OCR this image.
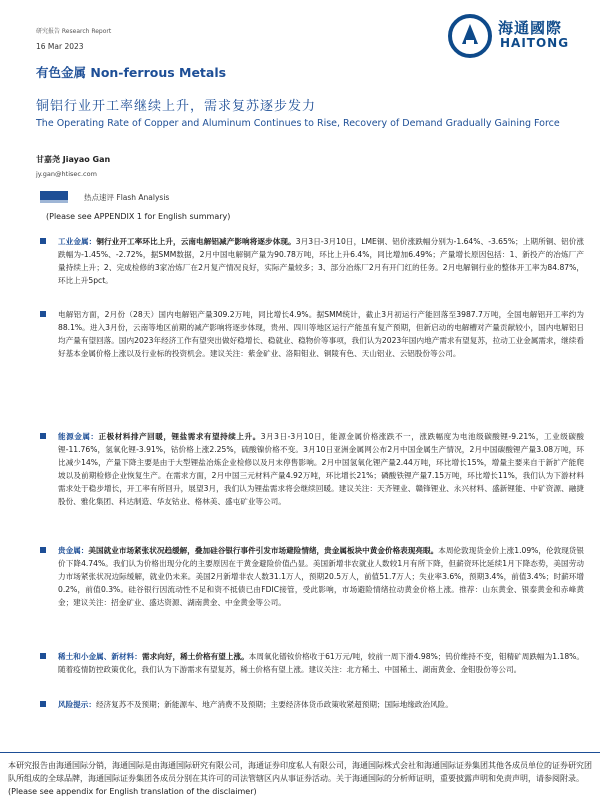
研究报告 Research Report
16 Mar 2023
海通國際
HAITONG
有色金属 Non-ferrous Metals
铜铝行业开工率继续上升，需求复苏逐步发力
The Operating Rate of Copper and Aluminum Continues to Rise, Recovery of Demand Gradually Gaining Force
甘嘉尧 Jiayao Gan
jy.gan@htisec.com
热点速评 Flash Analysis
(Please see APPENDIX 1 for English summary)
工业金属：铜行业开工率环比上升，云南电解铝减产影响将逐步体现。3月3日-3月10日，LME铜、铝价涨跌幅分别为-1.64%、-3.65%；上期所铜、铝价涨跌幅为-1.45%、-2.72%，据SMM数据，2月中国电解铜产量为90.78万吨，环比上升6.4%，同比增加6.49%；产量增长原因包括：1、新投产的冶炼厂产量持续上升；2、完成检修的3家冶炼厂在2月复产情况良好，实际产量较多；3、部分冶炼厂2月有开门红的任务。2月电解铜行业的整体开工率为84.87%，环比上升5pct。
电解铝方面，2月份（28天）国内电解铝产量309.2万吨，同比增长4.9%。据SMM统计，截止3月初运行产能回落至3987.7万吨，全国电解铝开工率约为88.1%。进入3月份，云南等地区前期的减产影响将逐步体现，贵州、四川等地区运行产能虽有复产预期，但新启动的电解槽对产量贡献较小，国内电解铝日均产量有望回落。国内2023年经济工作有望突出做好稳增长、稳就业、稳物价等事项，我们认为2023年国内地产需求有望复苏，拉动工业金属需求，继续看好基本金属价格上涨以及行业标的投资机会。建议关注：紫金矿业、洛阳钼业、铜陵有色、天山铝业、云铝股份等公司。
能源金属：正极材料排产回暖，锂盐需求有望持续上升。3月3日-3月10日，能源金属价格涨跌不一，涨跌幅度为电池级碳酸锂-9.21%，工业级碳酸锂-11.76%，氢氧化锂-3.91%，钴价格上涨2.25%，硫酸镍价格不变。3月10日亚洲金属网公布2月中国金属生产情况，2月中国碳酸锂产量3.08万吨，环比减少14%，产量下降主要是由于大型锂盐冶炼企业检修以及月末停售影响。2月中国氢氧化锂产量2.44万吨，环比增长15%，增量主要来自于新扩产能爬坡以及前期检修企业恢复生产。在需求方面，2月中国三元材料产量4.92万吨，环比增长21%；磷酸铁锂产量7.15万吨，环比增长11%，我们认为下游材料需求处于稳步增长，开工率有所回升，展望3月，我们认为锂盐需求将会继续回暖。建议关注：天齐锂业、赣锋锂业、永兴材料、盛新锂能、中矿资源、融捷股份、雅化集团、科达制造、华友钴业、格林美、盛屯矿业等公司。
贵金属：美国就业市场紧张状况趋缓解，叠加硅谷银行事件引发市场避险情绪，贵金属板块中黄金价格表现亮眼。本周伦敦现货金价上涨1.09%，伦敦现货银价下降4.74%。我们认为价格出现分化的主要原因在于黄金避险价值凸显。美国新增非农就业人数较1月有所下降，但薪资环比延续1月下降态势，美国劳动力市场紧张状况边际缓解，就业仍未来。美国2月新增非农人数31.1万人，预期20.5万人，前值51.7万人；失业率3.6%，预期3.4%，前值3.4%；时薪环增0.2%，前值0.3%。硅谷银行因流动性不足和资不抵债已由FDIC接管，受此影响，市场避险情绪拉动黄金价格上涨。推荐：山东黄金、银泰黄金和赤峰黄金；建议关注：招金矿业、盛达资源、湖南黄金、中金黄金等公司。
稀土和小金属、新材料：需求向好，稀土价格有望上涨。本周氧化镨钕价格收于61万元/吨，较前一周下滑4.98%；钨价维持不变，钼精矿周跌幅为1.18%。随着疫情防控政策优化，我们认为下游需求有望复苏，稀土价格有望上涨。建议关注：北方稀土、中国稀土、湖南黄金、金钼股份等公司。
风险提示：经济复苏不及预期；新能源车、地产消费不及预期；主要经济体货币政策收紧超预期；国际地缘政治风险。
本研究报告由海通国际分销，海通国际是由海通国际研究有限公司，海通证券印度私人有限公司，海通国际株式会社和海通国际证券集团其他各成员单位的证券研究团队所组成的全球品牌，海通国际证券集团各成员分别在其许可的司法管辖区内从事证券活动。关于海通国际的分析师证明，重要披露声明和免责声明，请参阅附录。(Please see appendix for English translation of the disclaimer)
